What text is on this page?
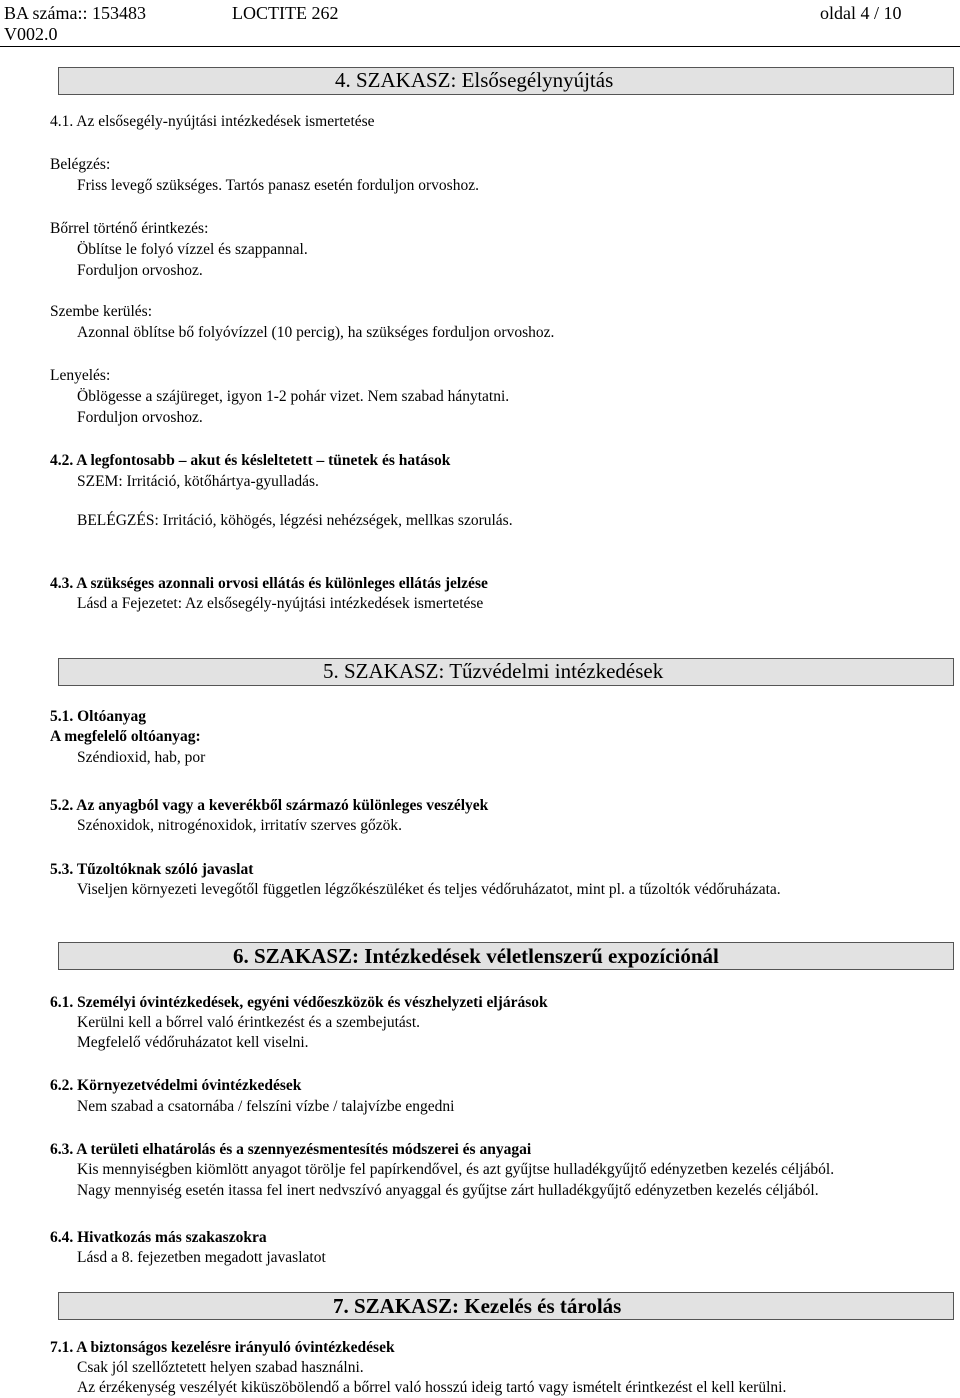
BA száma:: 153483	LOCTITE 262	oldal 4 / 10
V002.0
4. SZAKASZ: Elsősegélynyújtás
4.1. Az elsősegély-nyújtási intézkedések ismertetése
Belégzés:
Friss levegő szükséges. Tartós panasz esetén forduljon orvoshoz.
Bőrrel történő érintkezés:
Öblítse le folyó vízzel és szappannal.
Forduljon orvoshoz.
Szembe kerülés:
Azonnal öblítse bő folyóvízzel (10 percig), ha szükséges forduljon orvoshoz.
Lenyelés:
Öblögesse a szájüreget, igyon 1-2 pohár vizet. Nem szabad hánytatni.
Forduljon orvoshoz.
4.2. A legfontosabb – akut és késleltetett – tünetek és hatások
SZEM: Irritáció, kötőhártya-gyulladás.
BELÉGZÉS: Irritáció, köhögés, légzési nehézségek, mellkas szorulás.
4.3. A szükséges azonnali orvosi ellátás és különleges ellátás jelzése
Lásd a Fejezetet: Az elsősegély-nyújtási intézkedések ismertetése
5. SZAKASZ: Tűzvédelmi intézkedések
5.1. Oltóanyag
A megfelelő oltóanyag:
Széndioxid, hab, por
5.2. Az anyagból vagy a keverékből származó különleges veszélyek
Szénoxidok, nitrogénoxidok, irritatív szerves gőzök.
5.3. Tűzoltóknak szóló javaslat
Viseljen környezeti levegőtől független légzőkészüléket és teljes védőruházatot, mint pl. a tűzoltók védőruházata.
6. SZAKASZ: Intézkedések véletlenszerű expozíciónál
6.1. Személyi óvintézkedések, egyéni védőeszközök és vészhelyzeti eljárások
Kerülni kell a bőrrel való érintkezést és a szembejutást.
Megfelelő védőruházatot kell viselni.
6.2. Környezetvédelmi óvintézkedések
Nem szabad a csatornába / felszíni vízbe / talajvízbe engedni
6.3. A területi elhatárolás és a szennyezésmentesítés módszerei és anyagai
Kis mennyiségben kiömlött anyagot törölje fel papírkendővel, és azt gyűjtse hulladékgyűjtő edényzetben kezelés céljából.
Nagy mennyiség esetén itassa fel inert nedvszívó anyaggal és gyűjtse zárt hulladékgyűjtő edényzetben kezelés céljából.
6.4. Hivatkozás más szakaszokra
Lásd a 8. fejezetben megadott javaslatot
7. SZAKASZ: Kezelés és tárolás
7.1. A biztonságos kezelésre irányuló óvintézkedések
Csak jól szellőztetett helyen szabad használni.
Az érzékenység veszélyét kiküszöbölendő a bőrrel való hosszú ideig tartó vagy ismételt érintkezést el kell kerülni.
